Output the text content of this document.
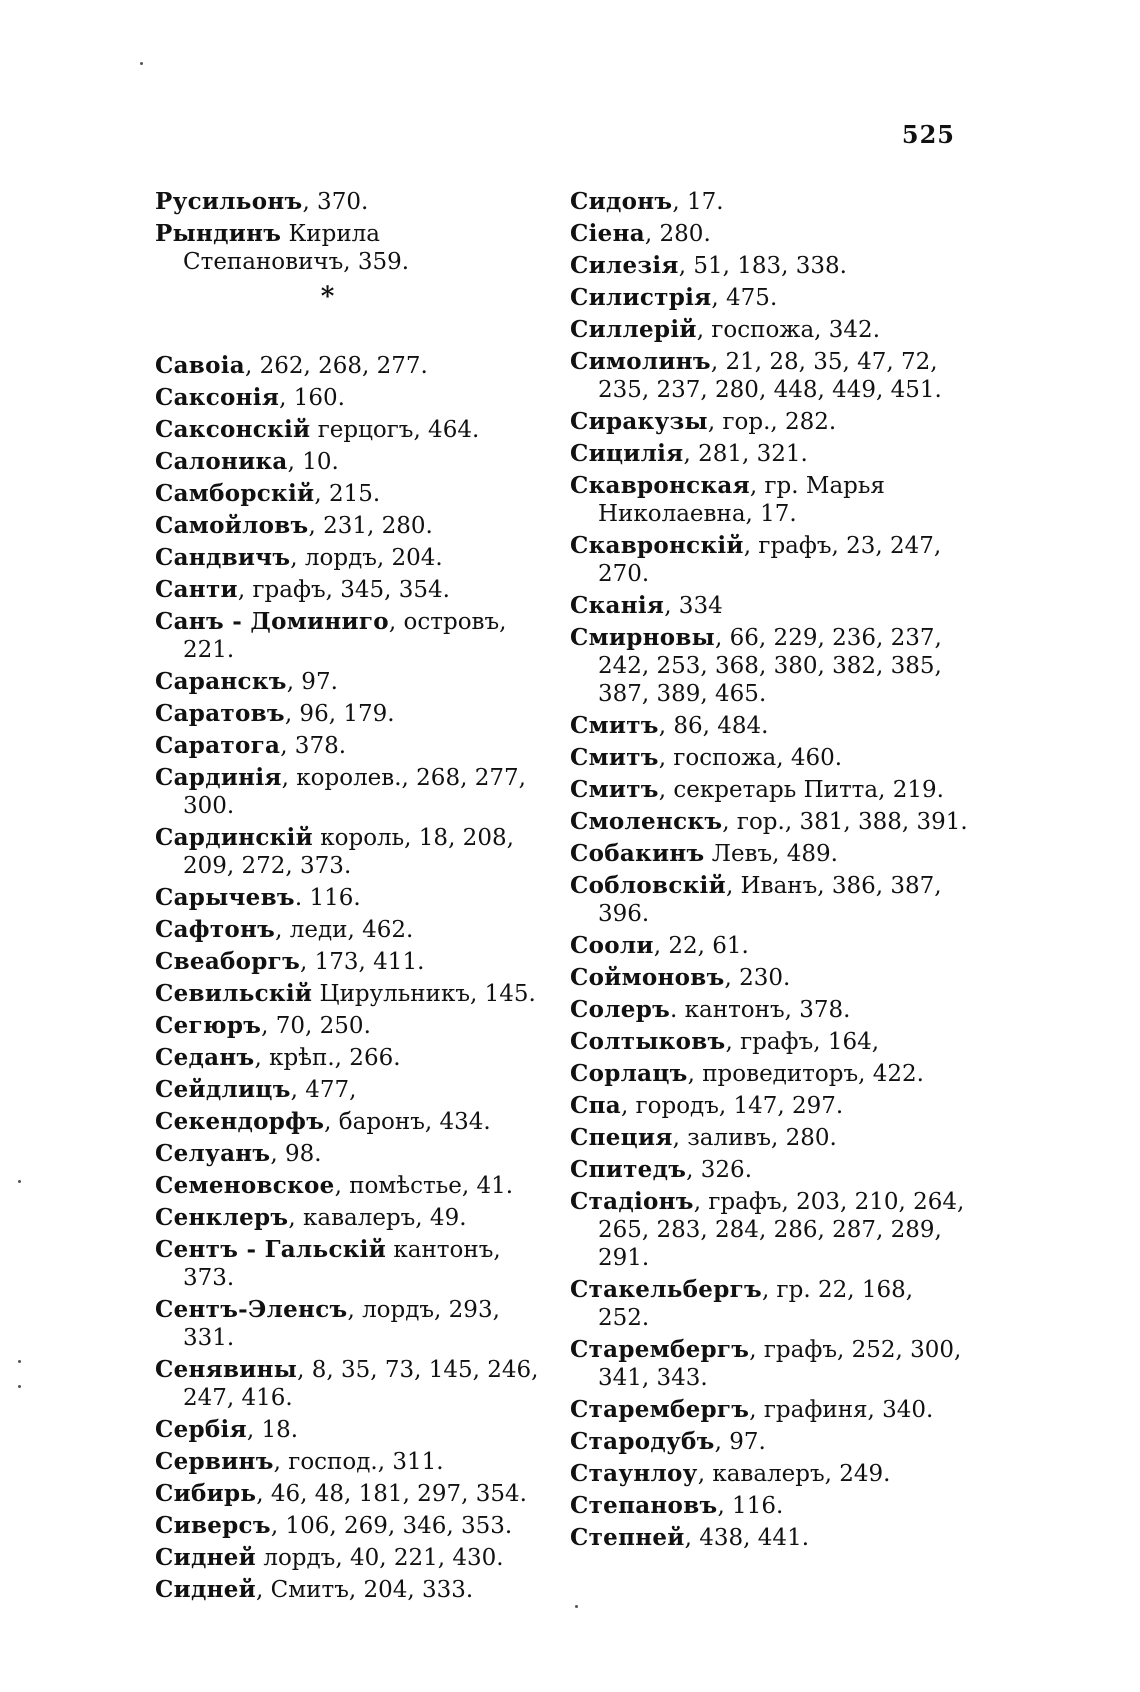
525
Русильонъ, 370.
Рындинъ Кирила Степановичъ, 359.
*
Савоіа, 262, 268, 277.
Саксонія, 160.
Саксонскій герцогъ, 464.
Салоника, 10.
Самборскій, 215.
Самойловъ, 231, 280.
Сандвичъ, лордъ, 204.
Санти, графъ, 345, 354.
Санъ - Доминиго, островъ, 221.
Саранскъ, 97.
Саратовъ, 96, 179.
Саратога, 378.
Сардинія, королев., 268, 277, 300.
Сардинскій король, 18, 208, 209, 272, 373.
Сарычевъ. 116.
Сафтонъ, леди, 462.
Свеаборгъ, 173, 411.
Севильскій Цирульникъ, 145.
Сегюръ, 70, 250.
Седанъ, крѣп., 266.
Сейдлицъ, 477,
Секендорфъ, баронъ, 434.
Селуанъ, 98.
Семеновское, помѣстье, 41.
Сенклеръ, кавалеръ, 49.
Сентъ - Гальскій кантонъ, 373.
Сентъ-Эленсъ, лордъ, 293, 331.
Сенявины, 8, 35, 73, 145, 246, 247, 416.
Сербія, 18.
Сервинъ, господ., 311.
Сибирь, 46, 48, 181, 297, 354.
Сиверсъ, 106, 269, 346, 353.
Сидней лордъ, 40, 221, 430.
Сидней, Смитъ, 204, 333.
Сидонъ, 17.
Сіена, 280.
Силезія, 51, 183, 338.
Силистрія, 475.
Силлерій, госпожа, 342.
Симолинъ, 21, 28, 35, 47, 72, 235, 237, 280, 448, 449, 451.
Сиракузы, гор., 282.
Сицилія, 281, 321.
Скавронская, гр. Марья Николаевна, 17.
Скавронскій, графъ, 23, 247, 270.
Сканія, 334
Смирновы, 66, 229, 236, 237, 242, 253, 368, 380, 382, 385, 387, 389, 465.
Смитъ, 86, 484.
Смитъ, госпожа, 460.
Смитъ, секретарь Питта, 219.
Смоленскъ, гор., 381, 388, 391.
Собакинъ Левъ, 489.
Собловскій, Иванъ, 386, 387, 396.
Сооли, 22, 61.
Соймоновъ, 230.
Солеръ. кантонъ, 378.
Солтыковъ, графъ, 164,
Сорлацъ, проведиторъ, 422.
Спа, городъ, 147, 297.
Специя, заливъ, 280.
Спитедъ, 326.
Стадіонъ, графъ, 203, 210, 264, 265, 283, 284, 286, 287, 289, 291.
Стакельбергъ, гр. 22, 168, 252.
Старембергъ, графъ, 252, 300, 341, 343.
Старембергъ, графиня, 340.
Стародубъ, 97.
Стаунлоу, кавалеръ, 249.
Степановъ, 116.
Степней, 438, 441.
